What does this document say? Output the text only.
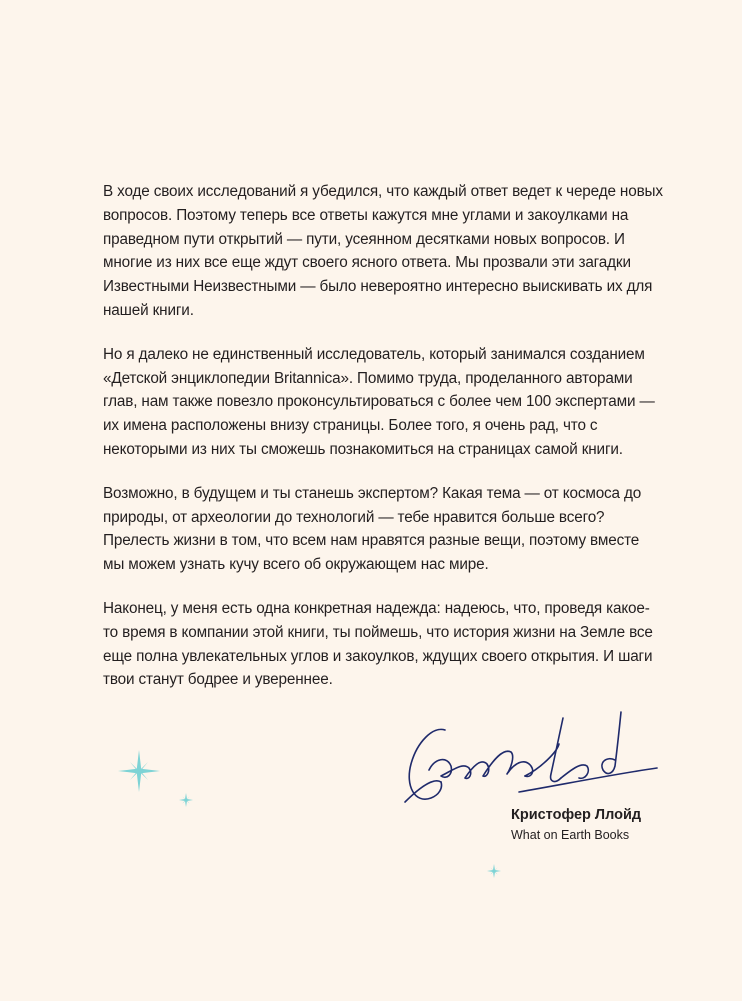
В ходе своих исследований я убедился, что каждый ответ ведет к череде новых вопросов. Поэтому теперь все ответы кажутся мне углами и закоулками на праведном пути открытий — пути, усеянном десятками новых вопросов. И многие из них все еще ждут своего ясного ответа. Мы прозвали эти загадки Известными Неизвестными — было невероятно интересно выискивать их для нашей книги.

Но я далеко не единственный исследователь, который занимался созданием «Детской энциклопедии Britannica». Помимо труда, проделанного авторами глав, нам также повезло проконсультироваться с более чем 100 экспертами — их имена расположены внизу страницы. Более того, я очень рад, что с некоторыми из них ты сможешь познакомиться на страницах самой книги.

Возможно, в будущем и ты станешь экспертом? Какая тема — от космоса до природы, от археологии до технологий — тебе нравится больше всего? Прелесть жизни в том, что всем нам нравятся разные вещи, поэтому вместе мы можем узнать кучу всего об окружающем нас мире.

Наконец, у меня есть одна конкретная надежда: надеюсь, что, проведя какое-то время в компании этой книги, ты поймешь, что история жизни на Земле все еще полна увлекательных углов и закоулков, ждущих своего открытия. И шаги твои станут бодрее и увереннее.

Кристофер Ллойд
What on Earth Books
